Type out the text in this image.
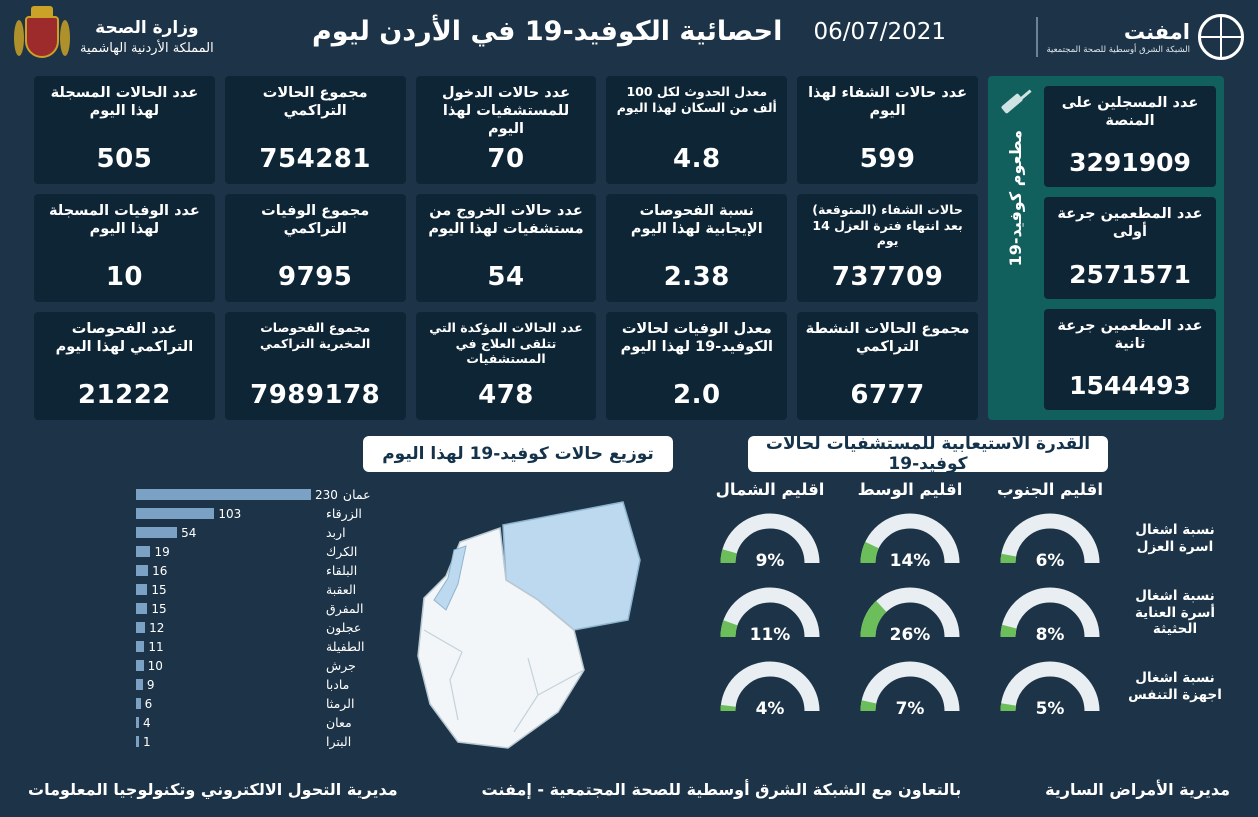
امفنت
الشبكة الشرق أوسطية للصحة المجتمعية
وزارة الصحة
المملكة الأردنية الهاشمية
06/07/2021 احصائية الكوفيد-19 في الأردن ليوم
عدد الحالات المسجلة لهذا اليوم
505
عدد الوفيات المسجلة لهذا اليوم
10
عدد الفحوصات التراكمي لهذا اليوم
21222
مجموع الحالات التراكمي
754281
مجموع الوفيات التراكمي
9795
مجموع الفحوصات المخبرية التراكمي
7989178
عدد حالات الدخول للمستشفيات لهذا اليوم
70
عدد حالات الخروج من مستشفيات لهذا اليوم
54
عدد الحالات المؤكدة التي تتلقى العلاج في المستشفيات
478
معدل الحدوث لكل 100 ألف من السكان لهذا اليوم
4.8
نسبة الفحوصات الإيجابية لهذا اليوم
2.38
معدل الوفيات لحالات الكوفيد-19 لهذا اليوم
2.0
عدد حالات الشفاء لهذا اليوم
599
حالات الشفاء (المتوقعة) بعد انتهاء فترة العزل 14 يوم
737709
مجموع الحالات النشطة التراكمي
6777
عدد المسجلين على المنصة
3291909
عدد المطعمين جرعة أولى
2571571
عدد المطعمين جرعة ثانية
1544493
مطعوم كوفيد-19
توزيع حالات كوفيد-19 لهذا اليوم	القدرة الاستيعابية للمستشفيات لحالات كوفيد-19
عمان
230
الزرقاء
103
اربد
54
الكرك
19
البلقاء
16
العقبة
15
المفرق
15
عجلون
12
الطفيلة
11
جرش
10
مادبا
9
الرمثا
6
معان
4
البترا
1
اقليم الجنوب
اقليم الوسط
اقليم الشمال
نسبة اشغال اسرة العزل
6%
14%
9%
نسبة اشغال أسرة العناية الحثيثة
8%
26%
11%
نسبة اشغال اجهزة التنفس
5%
7%
4%
مديرية الأمراض السارية
بالتعاون مع الشبكة الشرق أوسطية للصحة المجتمعية - إمفنت
مديرية التحول الالكتروني وتكنولوجيا المعلومات
